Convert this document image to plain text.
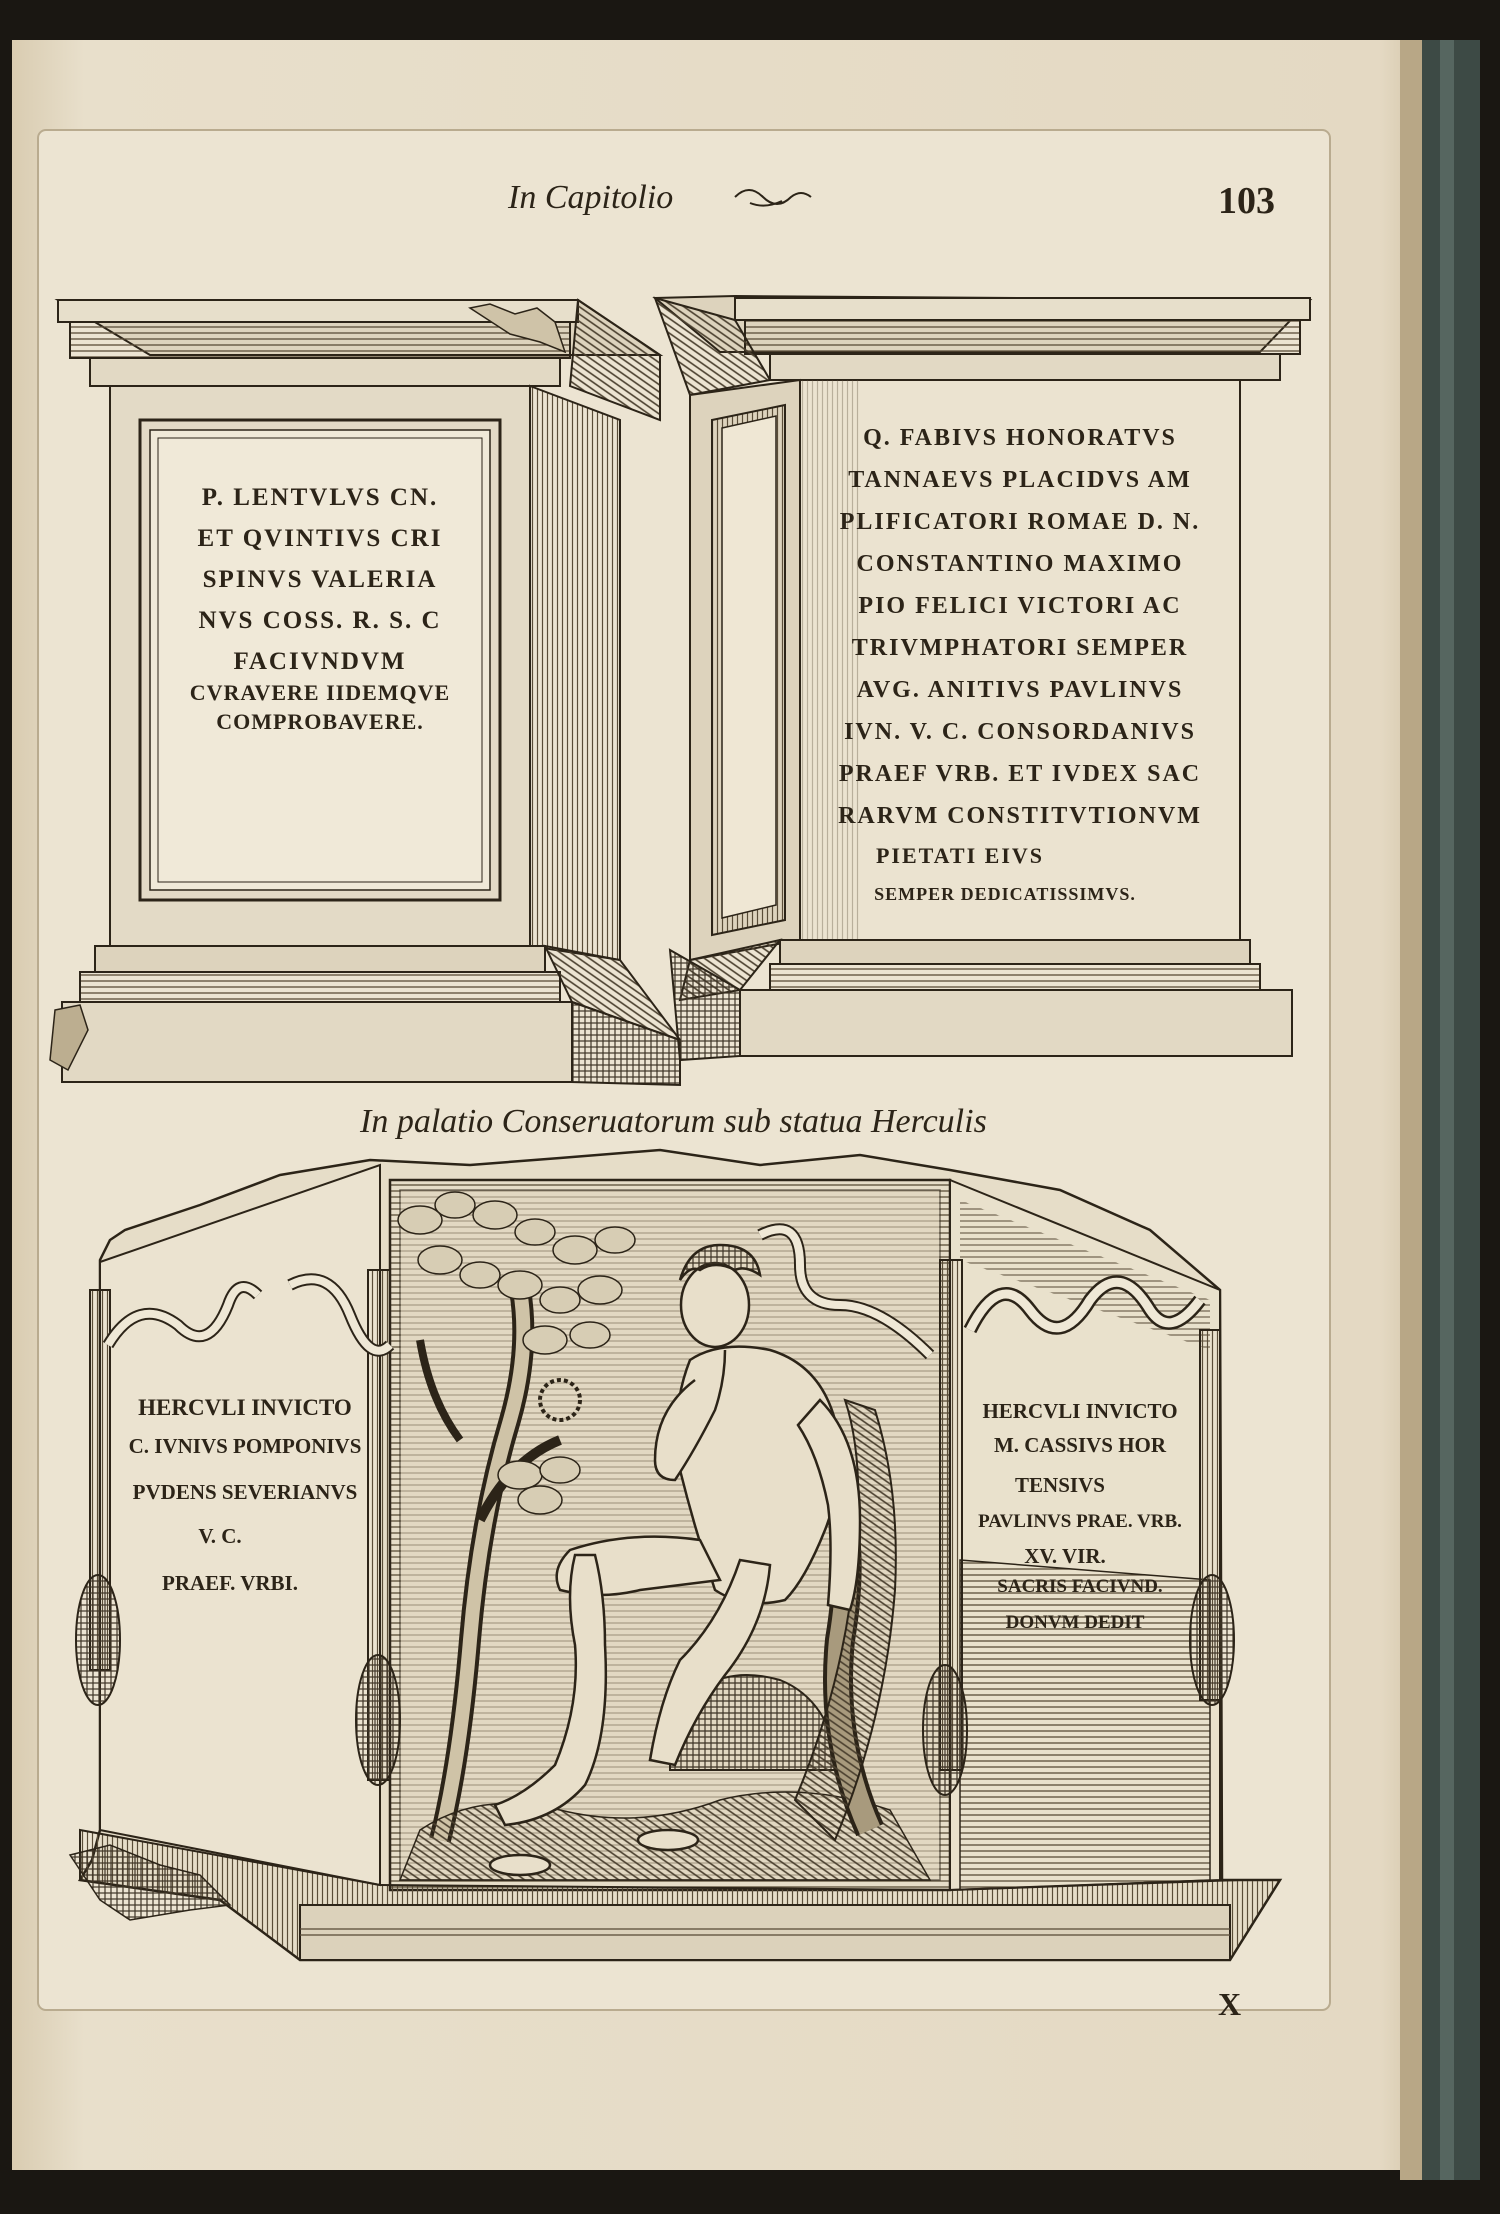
In Capitolio	103
P. LENTVLVS CN.
ET QVINTIVS CRI
SPINVS VALERIA
NVS COSS. R. S. C
FACIVNDVM
CVRAVERE IIDEMQVE
COMPROBAVERE.
Q. FABIVS HONORATVS
TANNAEVS PLACIDVS AM
PLIFICATORI ROMAE D. N.
CONSTANTINO MAXIMO
PIO FELICI VICTORI AC
TRIVMPHATORI SEMPER
AVG. ANITIVS PAVLINVS
IVN. V. C. CONSORDANIVS
PRAEF VRB. ET IVDEX SAC
RARVM CONSTITVTIONVM
PIETATI EIVS
SEMPER DEDICATISSIMVS.
In palatio Conseruatorum sub statua Herculis
HERCVLI INVICTO
C. IVNIVS POMPONIVS
PVDENS SEVERIANVS
V. C.
PRAEF. VRBI.
HERCVLI INVICTO
M. CASSIVS HOR
TENSIVS
PAVLINVS PRAE. VRB.
XV. VIR.
SACRIS FACIVND.
DONVM DEDIT
X
